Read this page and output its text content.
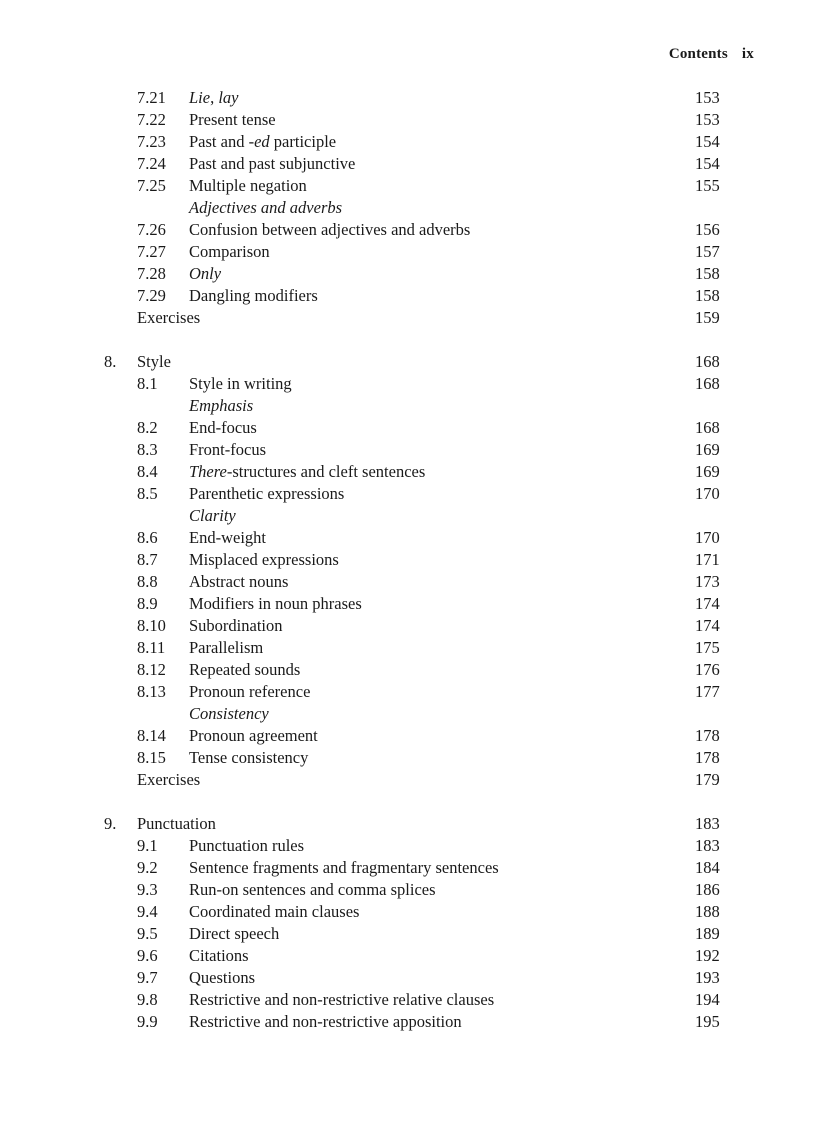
Contents ix
7.21 Lie, lay	153
7.22 Present tense	153
7.23 Past and -ed participle	154
7.24 Past and past subjunctive	154
7.25 Multiple negation	155
Adjectives and adverbs
7.26 Confusion between adjectives and adverbs	156
7.27 Comparison	157
7.28 Only	158
7.29 Dangling modifiers	158
Exercises	159
8. Style	168
8.1 Style in writing	168
Emphasis
8.2 End-focus	168
8.3 Front-focus	169
8.4 There-structures and cleft sentences	169
8.5 Parenthetic expressions	170
Clarity
8.6 End-weight	170
8.7 Misplaced expressions	171
8.8 Abstract nouns	173
8.9 Modifiers in noun phrases	174
8.10 Subordination	174
8.11 Parallelism	175
8.12 Repeated sounds	176
8.13 Pronoun reference	177
Consistency
8.14 Pronoun agreement	178
8.15 Tense consistency	178
Exercises	179
9. Punctuation	183
9.1 Punctuation rules	183
9.2 Sentence fragments and fragmentary sentences	184
9.3 Run-on sentences and comma splices	186
9.4 Coordinated main clauses	188
9.5 Direct speech	189
9.6 Citations	192
9.7 Questions	193
9.8 Restrictive and non-restrictive relative clauses	194
9.9 Restrictive and non-restrictive apposition	195
